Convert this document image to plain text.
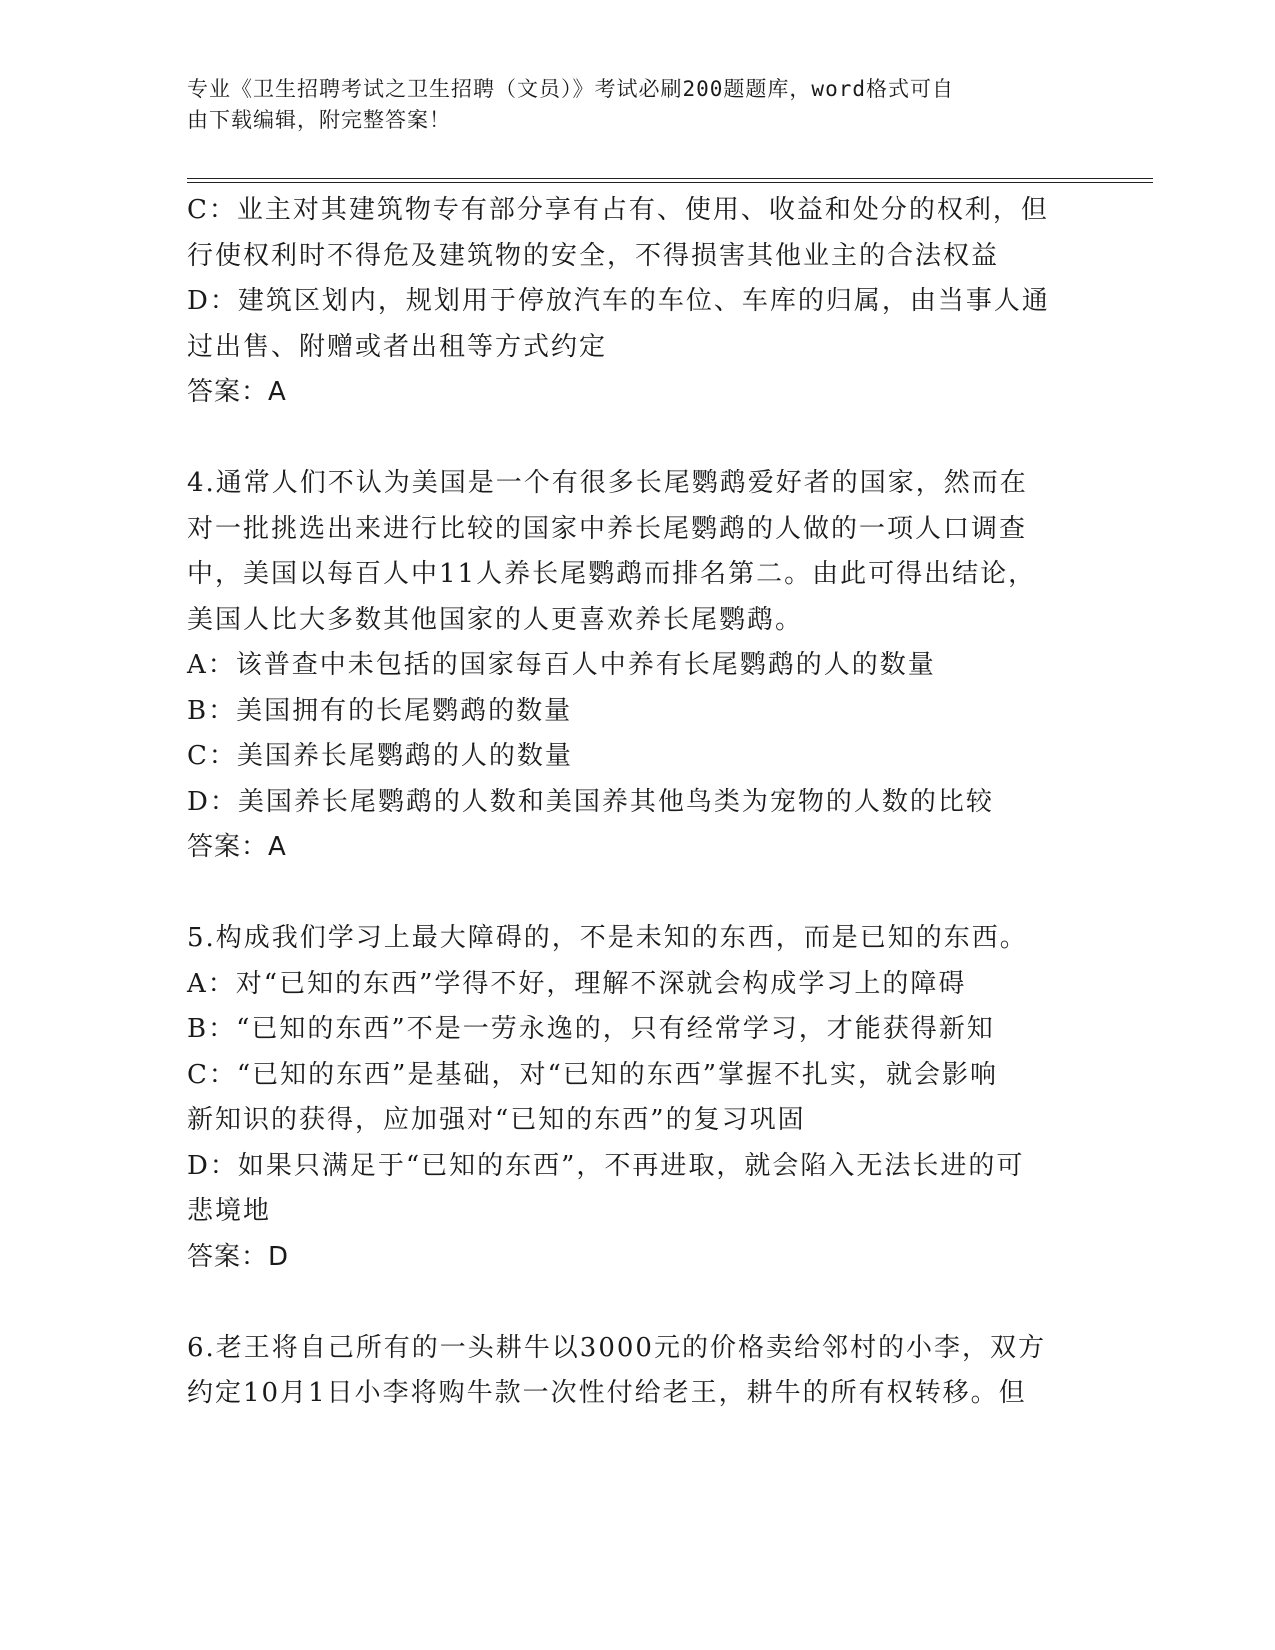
专业《卫生招聘考试之卫生招聘（文员）》考试必刷200题题库，word格式可自
由下载编辑，附完整答案！
C：业主对其建筑物专有部分享有占有、使用、收益和处分的权利，但
行使权利时不得危及建筑物的安全，不得损害其他业主的合法权益
D：建筑区划内，规划用于停放汽车的车位、车库的归属，由当事人通
过出售、附赠或者出租等方式约定
答案：A
4.通常人们不认为美国是一个有很多长尾鹦鹉爱好者的国家，然而在
对一批挑选出来进行比较的国家中养长尾鹦鹉的人做的一项人口调查
中，美国以每百人中11人养长尾鹦鹉而排名第二。由此可得出结论，
美国人比大多数其他国家的人更喜欢养长尾鹦鹉。
A：该普查中未包括的国家每百人中养有长尾鹦鹉的人的数量
B：美国拥有的长尾鹦鹉的数量
C：美国养长尾鹦鹉的人的数量
D：美国养长尾鹦鹉的人数和美国养其他鸟类为宠物的人数的比较
答案：A
5.构成我们学习上最大障碍的，不是未知的东西，而是已知的东西。
A：对“已知的东西”学得不好，理解不深就会构成学习上的障碍
B：“已知的东西”不是一劳永逸的，只有经常学习，才能获得新知
C：“已知的东西”是基础，对“已知的东西”掌握不扎实，就会影响
新知识的获得，应加强对“已知的东西”的复习巩固
D：如果只满足于“已知的东西”，不再进取，就会陷入无法长进的可
悲境地
答案：D
6.老王将自己所有的一头耕牛以3000元的价格卖给邻村的小李，双方
约定10月1日小李将购牛款一次性付给老王，耕牛的所有权转移。但
